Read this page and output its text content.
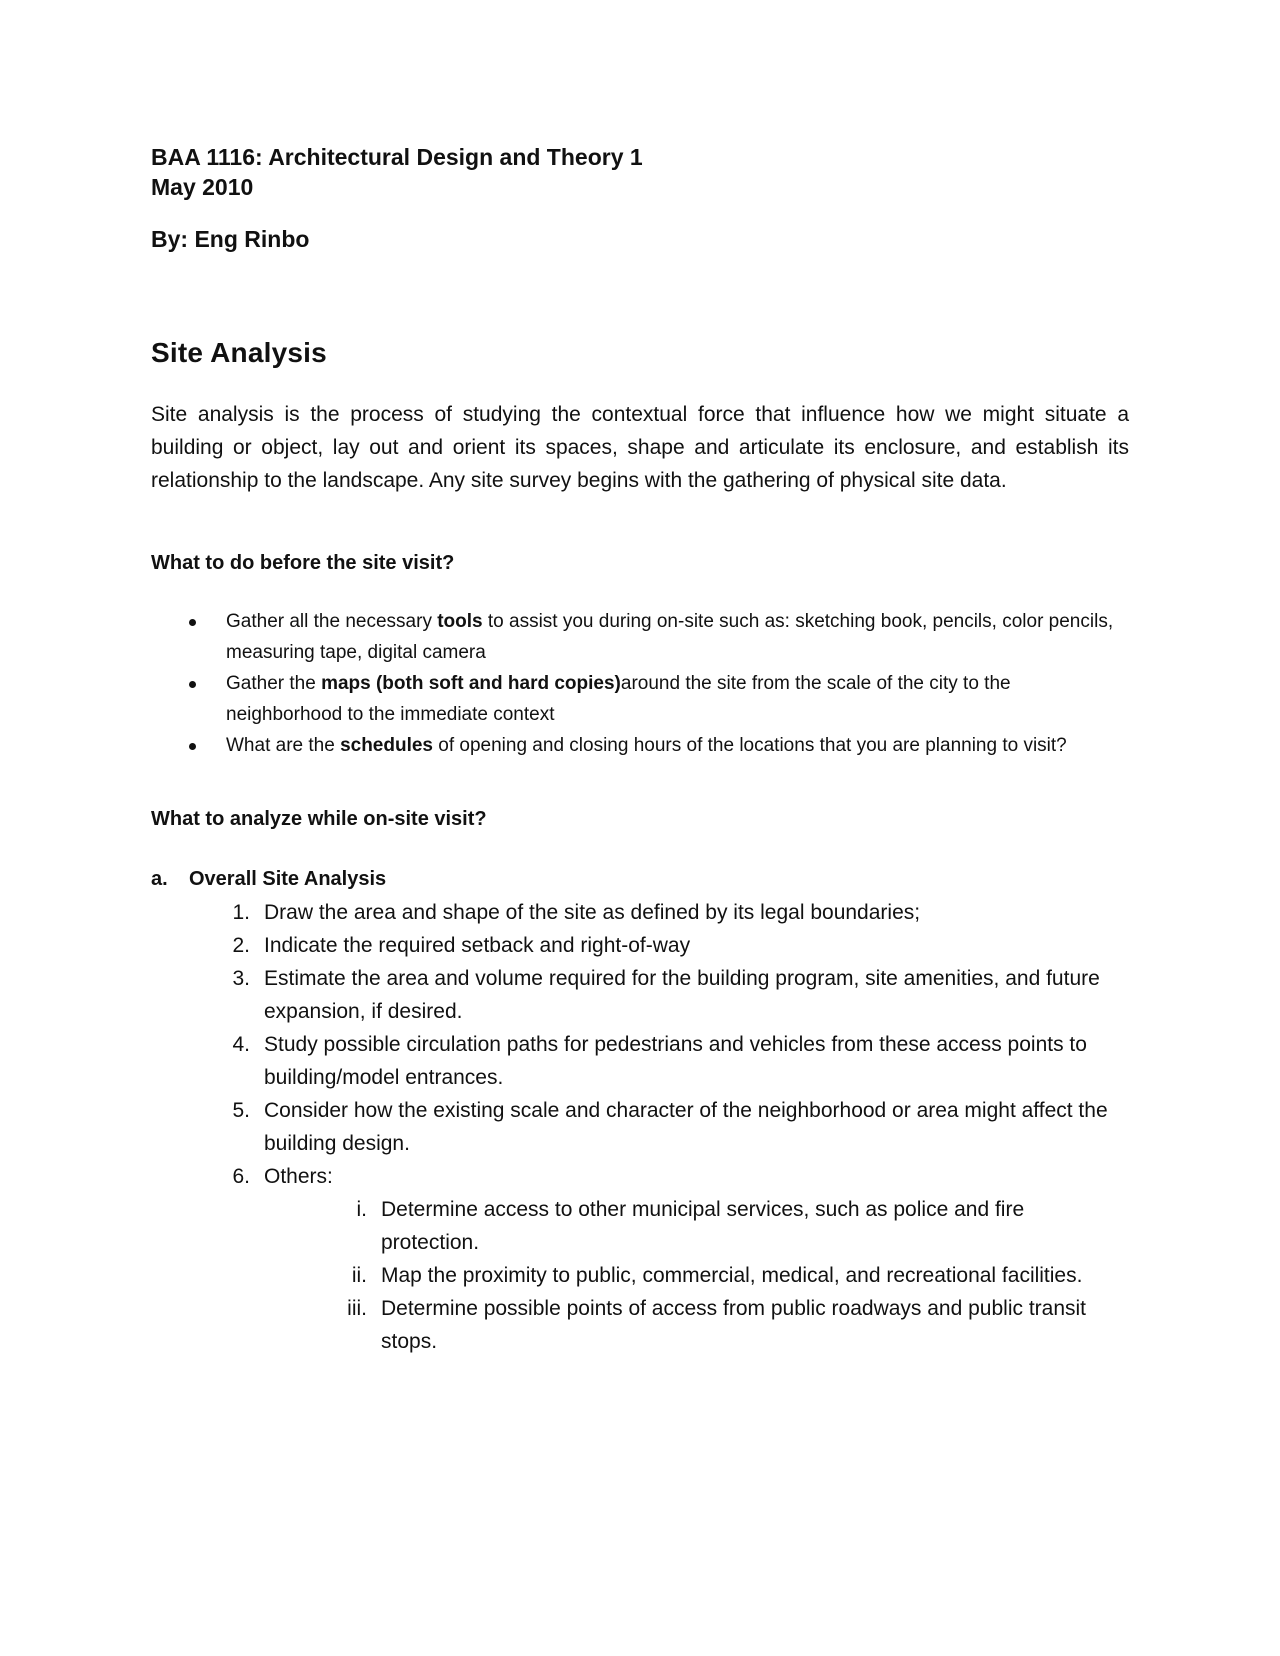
BAA 1116: Architectural Design and Theory 1
May 2010
By: Eng Rinbo
Site Analysis
Site analysis is the process of studying the contextual force that influence how we might situate a building or object, lay out and orient its spaces, shape and articulate its enclosure, and establish its relationship to the landscape. Any site survey begins with the gathering of physical site data.
What to do before the site visit?
Gather all the necessary tools to assist you during on-site such as: sketching book, pencils, color pencils, measuring tape, digital camera
Gather the maps (both soft and hard copies)around the site from the scale of the city to the neighborhood to the immediate context
What are the schedules of opening and closing hours of the locations that you are planning to visit?
What to analyze while on-site visit?
a. Overall Site Analysis
1. Draw the area and shape of the site as defined by its legal boundaries;
2. Indicate the required setback and right-of-way
3. Estimate the area and volume required for the building program, site amenities, and future expansion, if desired.
4. Study possible circulation paths for pedestrians and vehicles from these access points to building/model entrances.
5. Consider how the existing scale and character of the neighborhood or area might affect the building design.
6. Others:
i. Determine access to other municipal services, such as police and fire protection.
ii. Map the proximity to public, commercial, medical, and recreational facilities.
iii. Determine possible points of access from public roadways and public transit stops.
